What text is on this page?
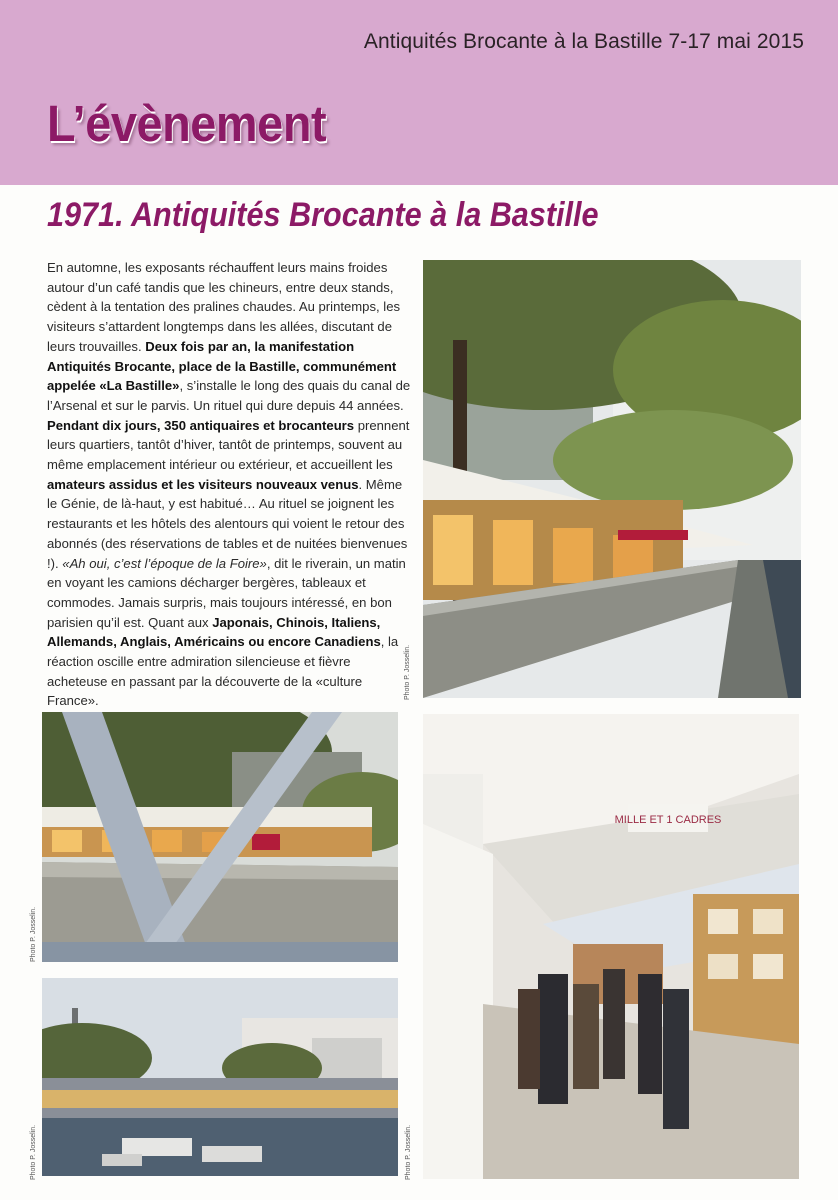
Antiquités Brocante à la Bastille 7-17 mai 2015
L’évènement
1971. Antiquités Brocante à la Bastille

En automne, les exposants réchauffent leurs mains froides autour d’un café tandis que les chineurs, entre deux stands, cèdent à la tentation des pralines chaudes. Au printemps, les visiteurs s’attardent longtemps dans les allées, discutant de leurs trouvailles. Deux fois par an, la manifestation Antiquités Brocante, place de la Bastille, communément appelée «La Bastille», s’installe le long des quais du canal de l’Arsenal et sur le parvis. Un rituel qui dure depuis 44 années. Pendant dix jours, 350 antiquaires et brocanteurs prennent leurs quartiers, tantôt d’hiver, tantôt de printemps, souvent au même emplacement intérieur ou extérieur, et accueillent les amateurs assidus et les visiteurs nouveaux venus. Même le Génie, de là-haut, y est habitué… Au rituel se joignent les restaurants et les hôtels des alentours qui voient le retour des abonnés (des réservations de tables et de nuitées bienvenues !). «Ah oui, c’est l’époque de la Foire», dit le riverain, un matin en voyant les camions décharger bergères, tableaux et commodes. Jamais surpris, mais toujours intéressé, en bon parisien qu’il est. Quant aux Japonais, Chinois, Italiens, Allemands, Anglais, Américains ou encore Canadiens, la réaction oscille entre admiration silencieuse et fièvre acheteuse en passant par la découverte de la «culture France».

Photo P. Josselin.
Photo P. Josselin.
MILLE ET 1 CADRES
Photo P. Josselin.
Photo P. Josselin.
